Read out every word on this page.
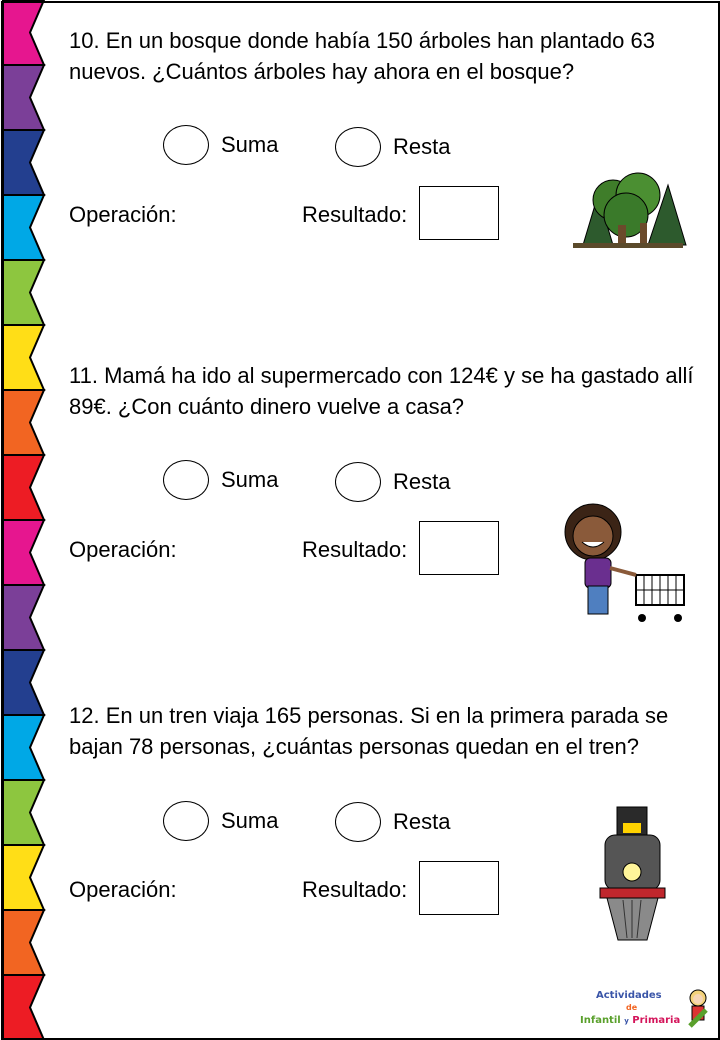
10. En un bosque donde había 150 árboles han plantado 63 nuevos. ¿Cuántos árboles hay ahora en el bosque?
Suma	Resta
Operación:	Resultado:
11. Mamá ha ido al supermercado con 124€ y se ha gastado allí 89€. ¿Con cuánto dinero vuelve a casa?
Suma	Resta
Operación:	Resultado:
12. En un tren viaja 165 personas. Si en la primera parada se bajan 78 personas, ¿cuántas personas quedan en el tren?
Suma	Resta
Operación:	Resultado:
Actividades
de
Infantil y Primaria
